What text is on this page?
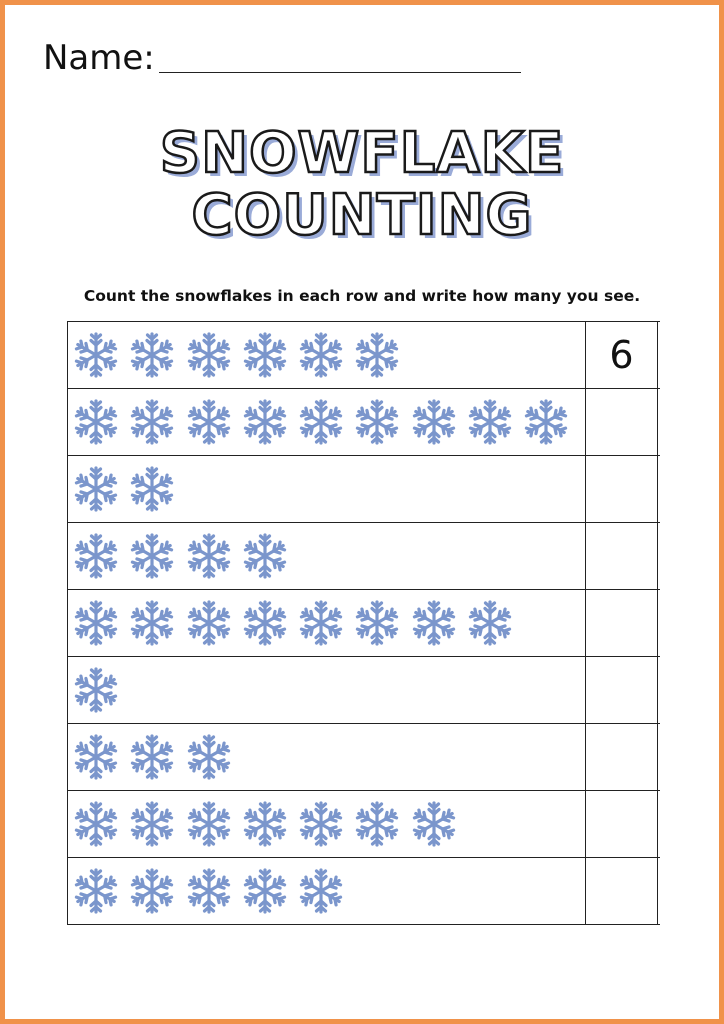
Name:
SNOWFLAKE
COUNTING
Count the snowflakes in each row and write how many you see.
6
